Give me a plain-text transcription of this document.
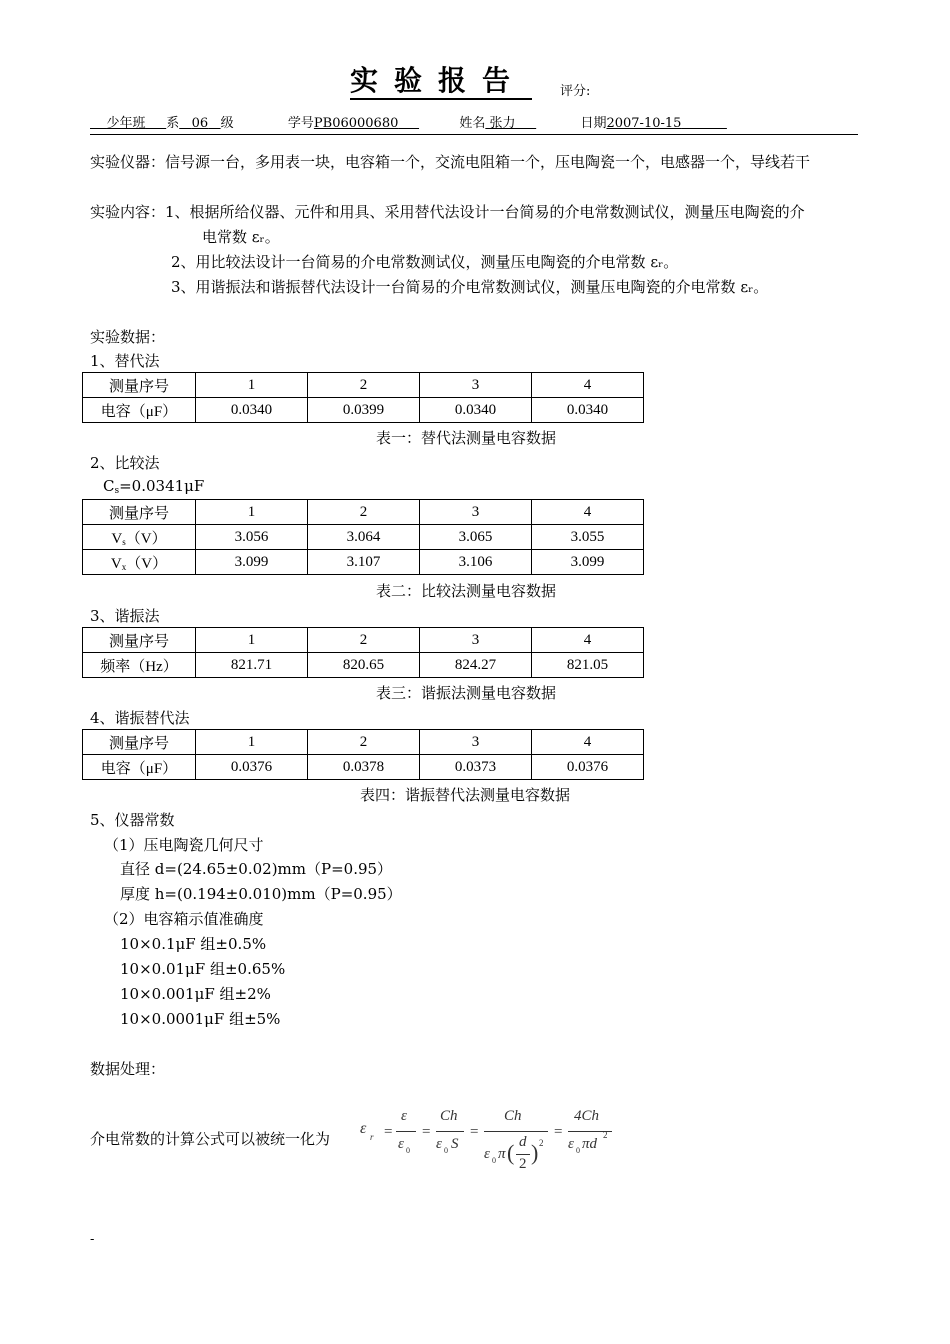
实验报告	评分:
少年班 系 06 级	学号PB06000680	姓名 张力	日期2007-10-15
实验仪器：信号源一台，多用表一块，电容箱一个，交流电阻箱一个，压电陶瓷一个，电感器一个，导线若干
实验内容：1、根据所给仪器、元件和用具、采用替代法设计一台简易的介电常数测试仪，测量压电陶瓷的介
电常数 εᵣ。
2、用比较法设计一台简易的介电常数测试仪，测量压电陶瓷的介电常数 εᵣ。
3、用谐振法和谐振替代法设计一台简易的介电常数测试仪，测量压电陶瓷的介电常数 εᵣ。
实验数据：
1、替代法
测量序号	1	2	3	4
电容（μF）	0.0340	0.0399	0.0340	0.0340
表一：替代法测量电容数据
2、比较法
$C_s=0.0341\mu F$
测量序号	1	2	3	4
$V_s(V)$	3.056	3.064	3.065	3.055
$V_x(V)$	3.099	3.107	3.106	3.099
表二：比较法测量电容数据
3、谐振法
测量序号	1	2	3	4
频率（Hz）	821.71	820.65	824.27	821.05
表三：谐振法测量电容数据
4、谐振替代法
测量序号	1	2	3	4
电容（μF）	0.0376	0.0378	0.0373	0.0376
表四：谐振替代法测量电容数据
5、仪器常数
（1）压电陶瓷几何尺寸
直径 d=(24.65±0.02)mm（P=0.95）
厚度 h=(0.194±0.010)mm（P=0.95）
（2）电容箱示值准确度
10×0.1μF 组±0.5%
10×0.01μF 组±0.65%
10×0.001μF 组±2%
10×0.0001μF 组±5%
数据处理：
介电常数的计算公式可以被统一化为
ε r =
ε
ε 0
=
Ch
ε 0 S
=
Ch
ε 0 π ( d
2 ) 2
=
4Ch
ε 0 πd
2
-
